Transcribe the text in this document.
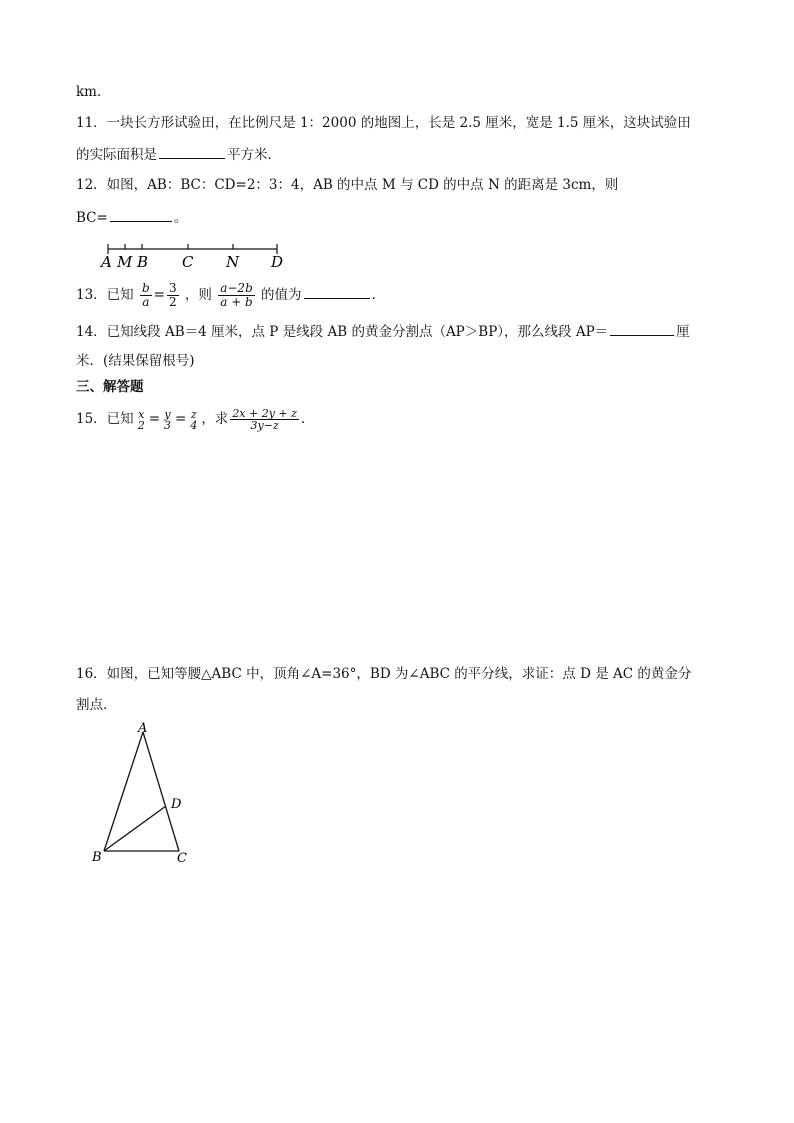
km．
11．一块长方形试验田，在比例尺是 1：2000 的地图上，长是 2.5 厘米，宽是 1.5 厘米，这块试验田
的实际面积是	平方米．
12．如图，AB：BC：CD=2：3：4，AB 的中点 M 与 CD 的中点 N 的距离是 3cm，则
BC=	。
A M B C N D
13．已知 $\frac{b}{a} = \frac{3}{2}$ ，则 $\frac{a-2b}{a + b}$ 的值为	．
14．已知线段 AB＝4 厘米，点 P 是线段 AB 的黄金分割点（AP＞BP），那么线段 AP＝	厘
米．(结果保留根号)
三、解答题
15．已知 x
2 = y
3 = z
4 ，求 $\frac{2x + 2y + z}{3y-z}$ ．
16．如图，已知等腰△ABC 中，顶角∠A=36°，BD 为∠ABC 的平分线，求证：点 D 是 AC 的黄金分
割点．
A
D
B	C
